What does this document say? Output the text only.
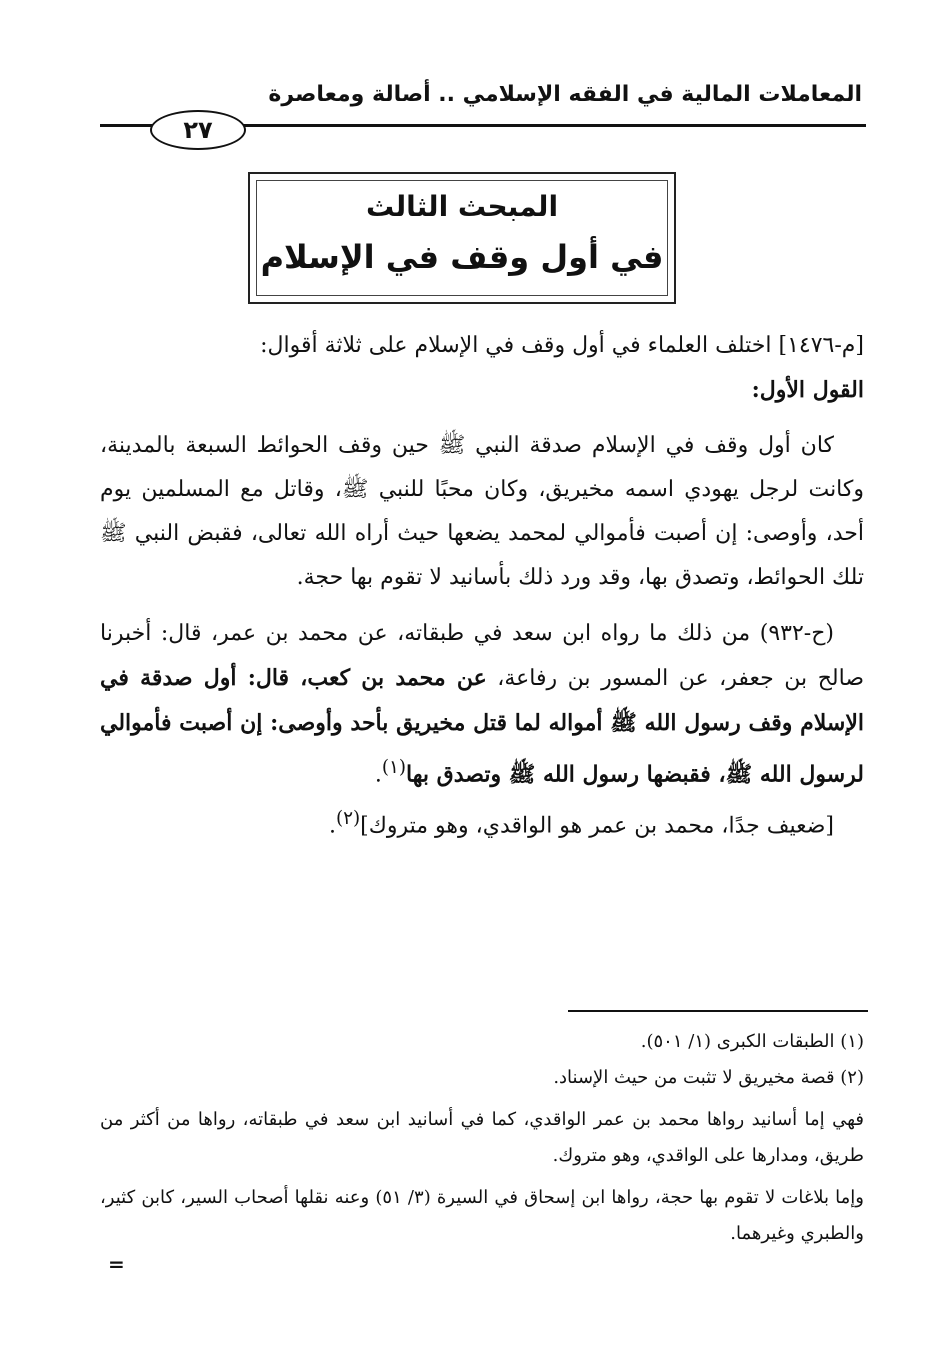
المعاملات المالية في الفقه الإسلامي .. أصالة ومعاصرة
٢٧
المبحث الثالث
في أول وقف في الإسلام

[م-١٤٧٦] اختلف العلماء في أول وقف في الإسلام على ثلاثة أقوال:

القول الأول:

كان أول وقف في الإسلام صدقة النبي ﷺ حين وقف الحوائط السبعة بالمدينة، وكانت لرجل يهودي اسمه مخيريق، وكان محبًا للنبي ﷺ، وقاتل مع المسلمين يوم أحد، وأوصى: إن أصبت فأموالي لمحمد يضعها حيث أراه الله تعالى، فقبض النبي ﷺ تلك الحوائط، وتصدق بها، وقد ورد ذلك بأسانيد لا تقوم بها حجة.

(ح-٩٣٢) من ذلك ما رواه ابن سعد في طبقاته، عن محمد بن عمر، قال: أخبرنا صالح بن جعفر، عن المسور بن رفاعة، عن محمد بن كعب، قال: أول صدقة في الإسلام وقف رسول الله ﷺ أمواله لما قتل مخيريق بأحد وأوصى: إن أصبت فأموالي لرسول الله ﷺ، فقبضها رسول الله ﷺ وتصدق بها$^{(١)}$.

[ضعيف جدًا، محمد بن عمر هو الواقدي، وهو متروك]$^{(٢)}$.

(١) الطبقات الكبرى (١/ ٥٠١).

(٢) قصة مخيريق لا تثبت من حيث الإسناد.

فهي إما أسانيد رواها محمد بن عمر الواقدي، كما في أسانيد ابن سعد في طبقاته، رواها من أكثر من طريق، ومدارها على الواقدي، وهو متروك.

وإما بلاغات لا تقوم بها حجة، رواها ابن إسحاق في السيرة (٣/ ٥١) وعنه نقلها أصحاب السير، كابن كثير، والطبري وغيرهما.

=
